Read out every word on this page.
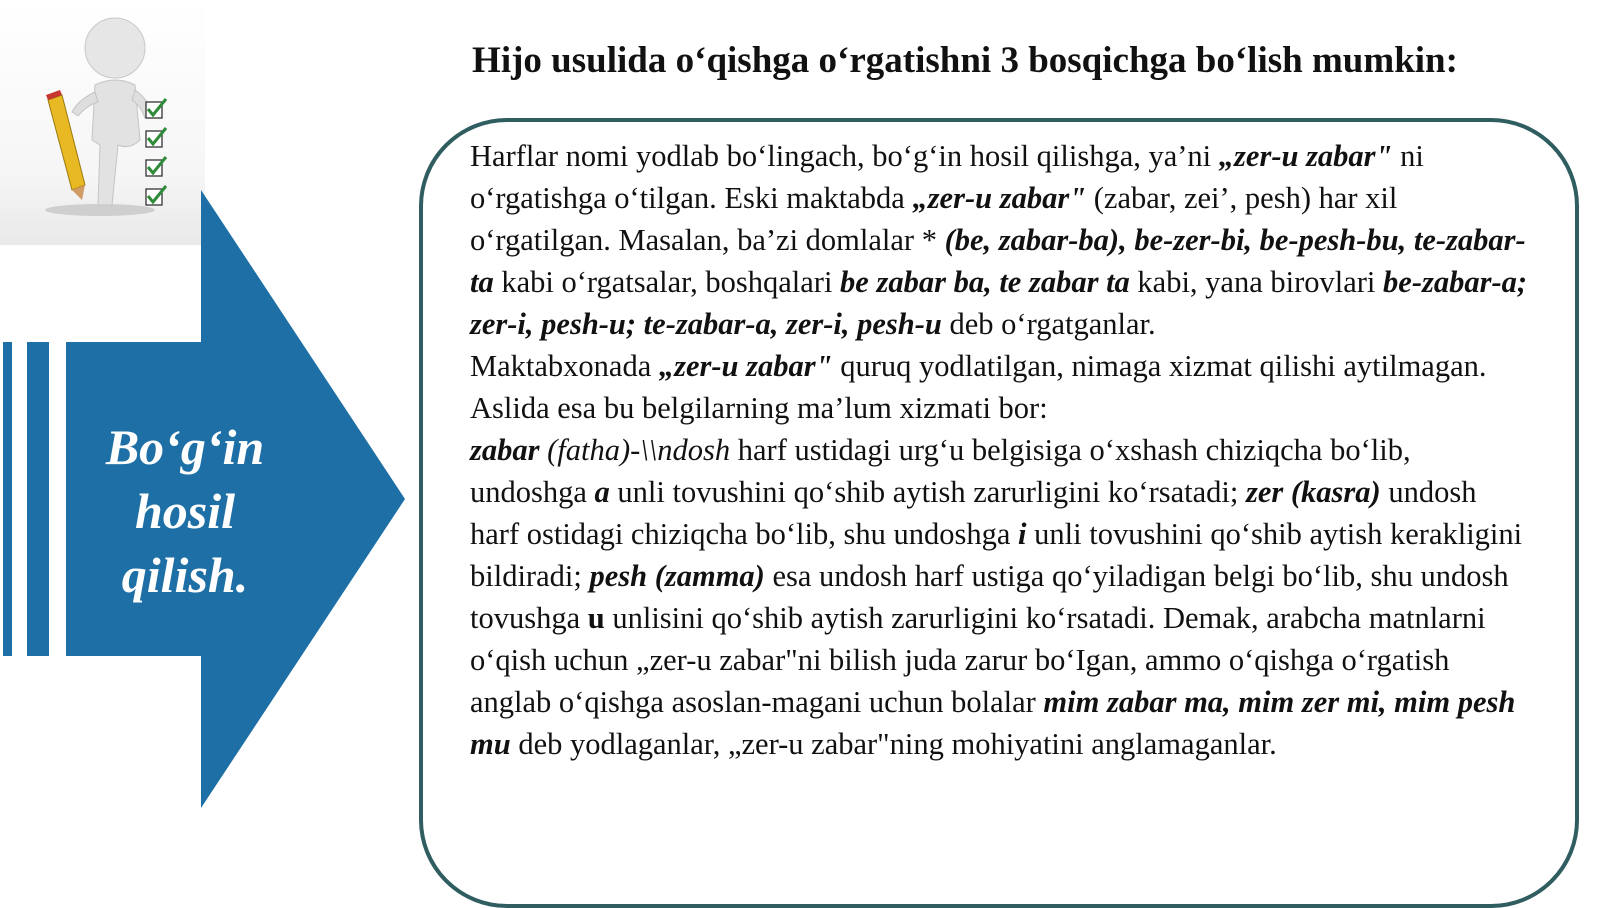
Hijo usulida o‘qishga o‘rgatishni 3 bosqichga bo‘lish mumkin:
Bo‘g‘in
hosil
qilish.

Harflar nomi yodlab bo‘lingach, bo‘g‘in hosil qilishga, ya’ni „zer-u zabar" ni o‘rgatishga o‘tilgan. Eski maktabda „zer-u zabar" (zabar, zei’, pesh) har xil o‘rgatilgan. Masalan, ba’zi domlalar * (be, zabar-ba), be-zer-bi, be-pesh-bu, te-zabar-ta kabi o‘rgatsalar, boshqalari be zabar ba, te zabar ta kabi, yana birovlari be-zabar-a; zer-i, pesh-u; te-zabar-a, zer-i, pesh-u deb o‘rgatganlar.

Maktabxonada „zer-u zabar" quruq yodlatilgan, nimaga xizmat qilishi aytilmagan. Aslida esa bu belgilarning ma’lum xizmati bor:

zabar (fatha)-\\ndosh harf ustidagi urg‘u belgisiga o‘xshash chiziqcha bo‘lib, undoshga a unli tovushini qo‘shib aytish zarurligini ko‘rsatadi; zer (kasra) undosh harf ostidagi chiziqcha bo‘lib, shu undoshga i unli tovushini qo‘shib aytish kerakligini bildiradi; pesh (zamma) esa undosh harf ustiga qo‘yiladigan belgi bo‘lib, shu undosh tovushga u unlisini qo‘shib aytish zarurligini ko‘rsatadi. Demak, arabcha matnlarni o‘qish uchun „zer-u zabar"ni bilish juda zarur bo‘Igan, ammo o‘qishga o‘rgatish anglab o‘qishga asoslan-magani uchun bolalar mim zabar ma, mim zer mi, mim pesh mu deb yodlaganlar, „zer-u zabar"ning mohiyatini anglamaganlar.
